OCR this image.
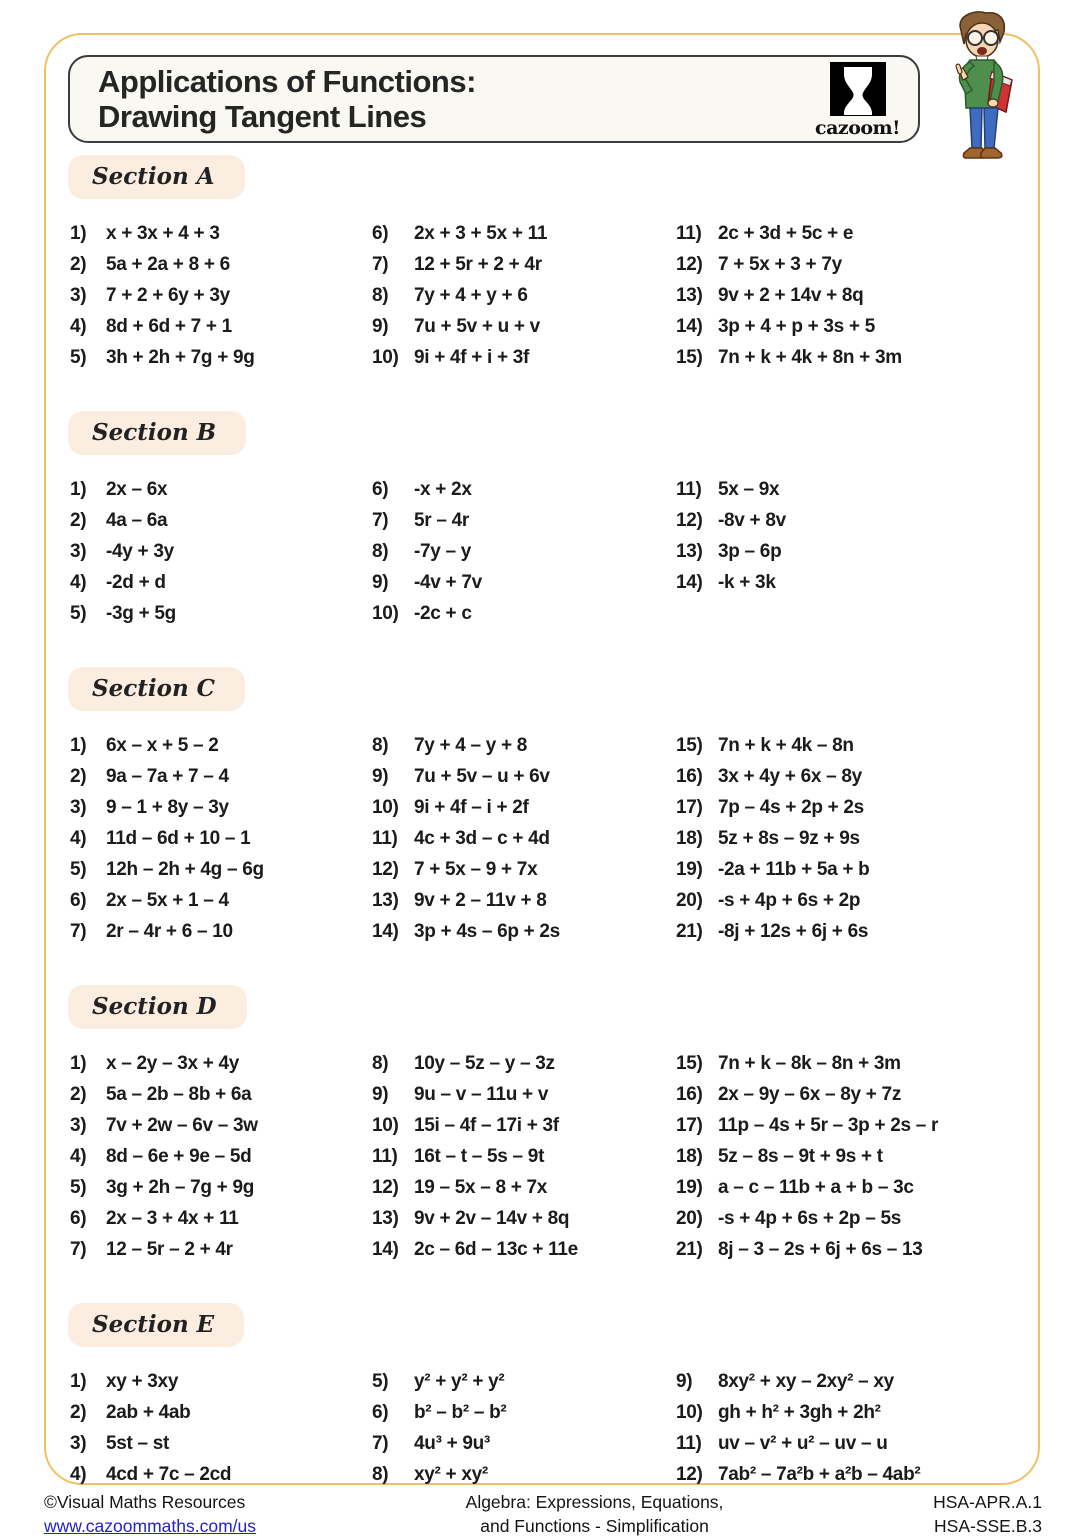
Applications of Functions:
Drawing Tangent Lines	cazoom!
Section A
1)	x + 3x + 4 + 3
2)	5a + 2a + 8 + 6
3)	7 + 2 + 6y + 3y
4)	8d + 6d + 7 + 1
5)	3h + 2h + 7g + 9g
6)	2x + 3 + 5x + 11
7)	12 + 5r + 2 + 4r
8)	7y + 4 + y + 6
9)	7u + 5v + u + v
10) 9i + 4f + i + 3f
11) 2c + 3d + 5c + e
12) 7 + 5x + 3 + 7y
13) 9v + 2 + 14v + 8q
14) 3p + 4 + p + 3s + 5
15) 7n + k + 4k + 8n + 3m
Section B
1)	2x – 6x
2)	4a – 6a
3)	-4y + 3y
4)	-2d + d
5)	-3g + 5g
6)	-x + 2x
7)	5r – 4r
8)	-7y – y
9)	-4v + 7v
10) -2c + c
11) 5x – 9x
12) -8v + 8v
13) 3p – 6p
14) -k + 3k
Section C
1)	6x – x + 5 – 2
2)	9a – 7a + 7 – 4
3)	9 – 1 + 8y – 3y
4)	11d – 6d + 10 – 1
5)	12h – 2h + 4g – 6g
6)	2x – 5x + 1 – 4
7)	2r – 4r + 6 – 10
8)	7y + 4 – y + 8
9)	7u + 5v – u + 6v
10) 9i + 4f – i + 2f
11) 4c + 3d – c + 4d
12) 7 + 5x – 9 + 7x
13) 9v + 2 – 11v + 8
14) 3p + 4s – 6p + 2s
15) 7n + k + 4k – 8n
16) 3x + 4y + 6x – 8y
17) 7p – 4s + 2p + 2s
18) 5z + 8s – 9z + 9s
19) -2a + 11b + 5a + b
20) -s + 4p + 6s + 2p
21) -8j + 12s + 6j + 6s
Section D
1)	x – 2y – 3x + 4y
2)	5a – 2b – 8b + 6a
3)	7v + 2w – 6v – 3w
4)	8d – 6e + 9e – 5d
5)	3g + 2h – 7g + 9g
6)	2x – 3 + 4x + 11
7)	12 – 5r – 2 + 4r
8)	10y – 5z – y – 3z
9)	9u – v – 11u + v
10) 15i – 4f – 17i + 3f
11) 16t – t – 5s – 9t
12) 19 – 5x – 8 + 7x
13) 9v + 2v – 14v + 8q
14) 2c – 6d – 13c + 11e
15) 7n + k – 8k – 8n + 3m
16) 2x – 9y – 6x – 8y + 7z
17) 11p – 4s + 5r – 3p + 2s – r
18) 5z – 8s – 9t + 9s + t
19) a – c – 11b + a + b – 3c
20) -s + 4p + 6s + 2p – 5s
21) 8j – 3 – 2s + 6j + 6s – 13
Section E
1)	xy + 3xy
2)	2ab + 4ab
3)	5st – st
4)	4cd + 7c – 2cd
5)	y² + y² + y²
6)	b² – b² – b²
7)	4u³ + 9u³
8)	xy² + xy²
9)	8xy² + xy – 2xy² – xy
10) gh + h² + 3gh + 2h²
11) uv – v² + u² – uv – u
12) 7ab² – 7a²b + a²b – 4ab²
©Visual Maths Resources
www.cazoommaths.com/us
Algebra: Expressions, Equations,
and Functions - Simplification
HSA-APR.A.1
HSA-SSE.B.3
